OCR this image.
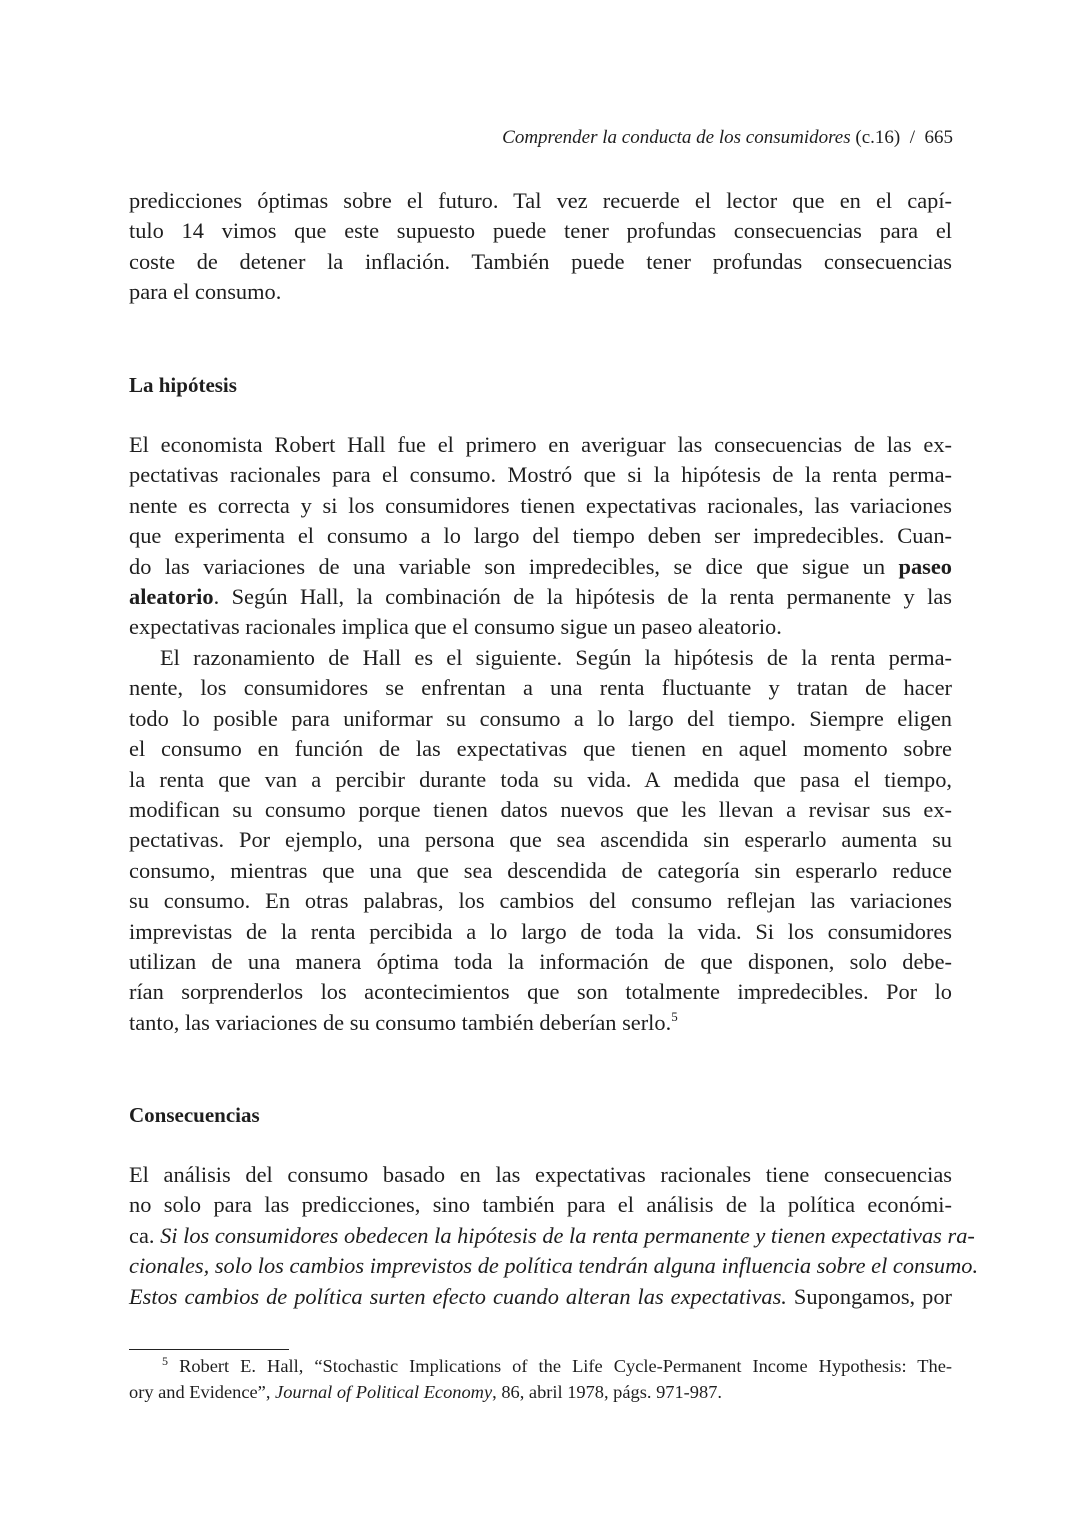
Comprender la conducta de los consumidores (c.16) / 665
predicciones óptimas sobre el futuro. Tal vez recuerde el lector que en el capí-
tulo 14 vimos que este supuesto puede tener profundas consecuencias para el
coste de detener la inflación. También puede tener profundas consecuencias
para el consumo.
La hipótesis
El economista Robert Hall fue el primero en averiguar las consecuencias de las ex-
pectativas racionales para el consumo. Mostró que si la hipótesis de la renta perma-
nente es correcta y si los consumidores tienen expectativas racionales, las variaciones
que experimenta el consumo a lo largo del tiempo deben ser impredecibles. Cuan-
do las variaciones de una variable son impredecibles, se dice que sigue un paseo
aleatorio. Según Hall, la combinación de la hipótesis de la renta permanente y las
expectativas racionales implica que el consumo sigue un paseo aleatorio.
El razonamiento de Hall es el siguiente. Según la hipótesis de la renta perma-
nente, los consumidores se enfrentan a una renta fluctuante y tratan de hacer
todo lo posible para uniformar su consumo a lo largo del tiempo. Siempre eligen
el consumo en función de las expectativas que tienen en aquel momento sobre
la renta que van a percibir durante toda su vida. A medida que pasa el tiempo,
modifican su consumo porque tienen datos nuevos que les llevan a revisar sus ex-
pectativas. Por ejemplo, una persona que sea ascendida sin esperarlo aumenta su
consumo, mientras que una que sea descendida de categoría sin esperarlo reduce
su consumo. En otras palabras, los cambios del consumo reflejan las variaciones
imprevistas de la renta percibida a lo largo de toda la vida. Si los consumidores
utilizan de una manera óptima toda la información de que disponen, solo debe-
rían sorprenderlos los acontecimientos que son totalmente impredecibles. Por lo
tanto, las variaciones de su consumo también deberían serlo.$^5$
Consecuencias
El análisis del consumo basado en las expectativas racionales tiene consecuencias
no solo para las predicciones, sino también para el análisis de la política económi-
ca. Si los consumidores obedecen la hipótesis de la renta permanente y tienen expectativas ra-
cionales, solo los cambios imprevistos de política tendrán alguna influencia sobre el consumo.
Estos cambios de política surten efecto cuando alteran las expectativas. Supongamos, por
$^5$ Robert E. Hall, “Stochastic Implications of the Life Cycle-Permanent Income Hypothesis: The-
ory and Evidence”, Journal of Political Economy, 86, abril 1978, págs. 971-987.
